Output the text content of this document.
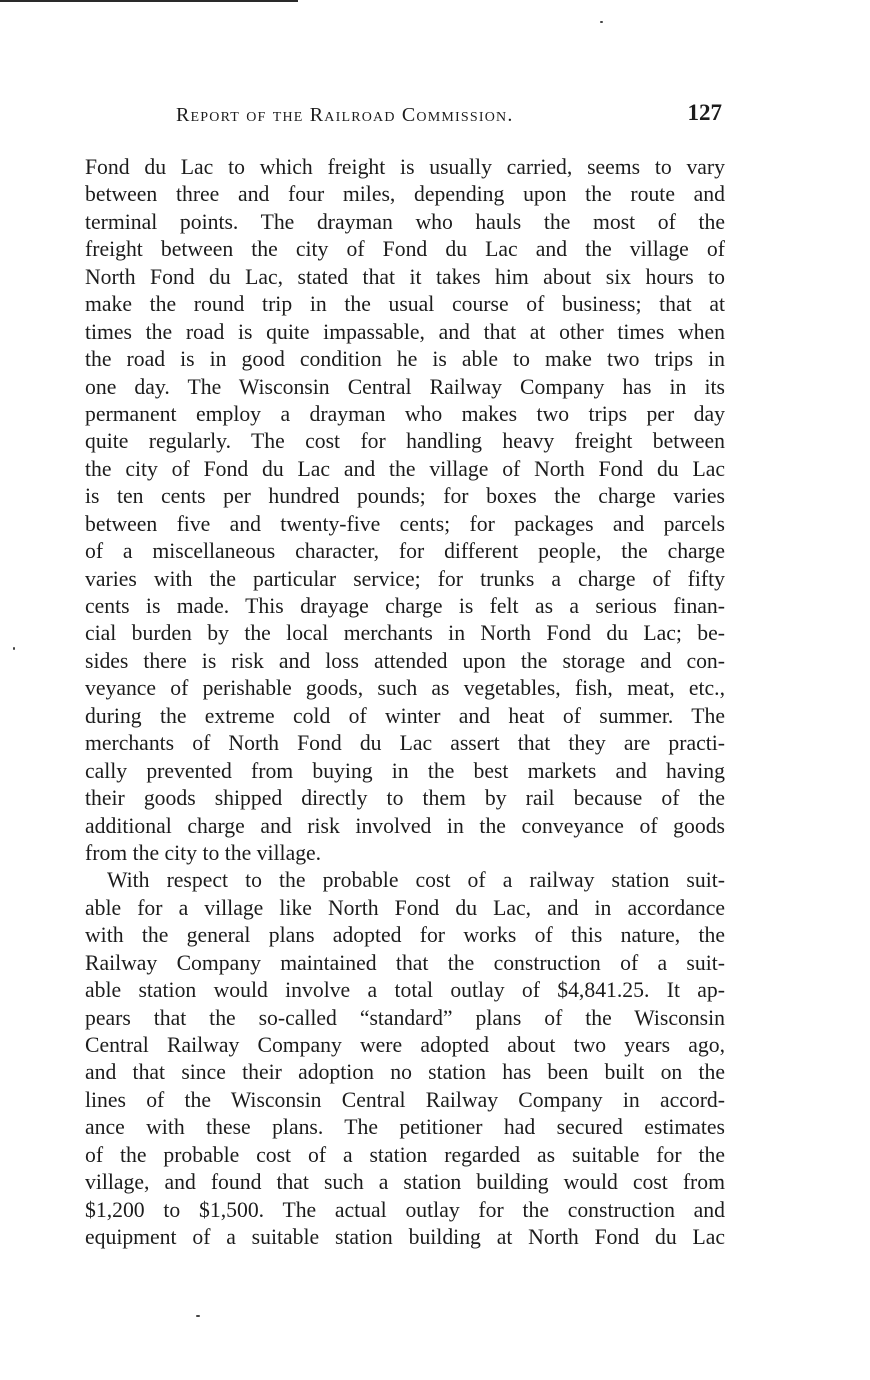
Report of the Railroad Commission.	127
Fond du Lac to which freight is usually carried, seems to vary
between three and four miles, depending upon the route and
terminal points. The drayman who hauls the most of the
freight between the city of Fond du Lac and the village of
North Fond du Lac, stated that it takes him about six hours to
make the round trip in the usual course of business; that at
times the road is quite impassable, and that at other times when
the road is in good condition he is able to make two trips in
one day. The Wisconsin Central Railway Company has in its
permanent employ a drayman who makes two trips per day
quite regularly. The cost for handling heavy freight between
the city of Fond du Lac and the village of North Fond du Lac
is ten cents per hundred pounds; for boxes the charge varies
between five and twenty-five cents; for packages and parcels
of a miscellaneous character, for different people, the charge
varies with the particular service; for trunks a charge of fifty
cents is made. This drayage charge is felt as a serious finan-
cial burden by the local merchants in North Fond du Lac; be-
sides there is risk and loss attended upon the storage and con-
veyance of perishable goods, such as vegetables, fish, meat, etc.,
during the extreme cold of winter and heat of summer. The
merchants of North Fond du Lac assert that they are practi-
cally prevented from buying in the best markets and having
their goods shipped directly to them by rail because of the
additional charge and risk involved in the conveyance of goods
from the city to the village.
With respect to the probable cost of a railway station suit-
able for a village like North Fond du Lac, and in accordance
with the general plans adopted for works of this nature, the
Railway Company maintained that the construction of a suit-
able station would involve a total outlay of $4,841.25. It ap-
pears that the so-called “standard” plans of the Wisconsin
Central Railway Company were adopted about two years ago,
and that since their adoption no station has been built on the
lines of the Wisconsin Central Railway Company in accord-
ance with these plans. The petitioner had secured estimates
of the probable cost of a station regarded as suitable for the
village, and found that such a station building would cost from
$1,200 to $1,500. The actual outlay for the construction and
equipment of a suitable station building at North Fond du Lac
